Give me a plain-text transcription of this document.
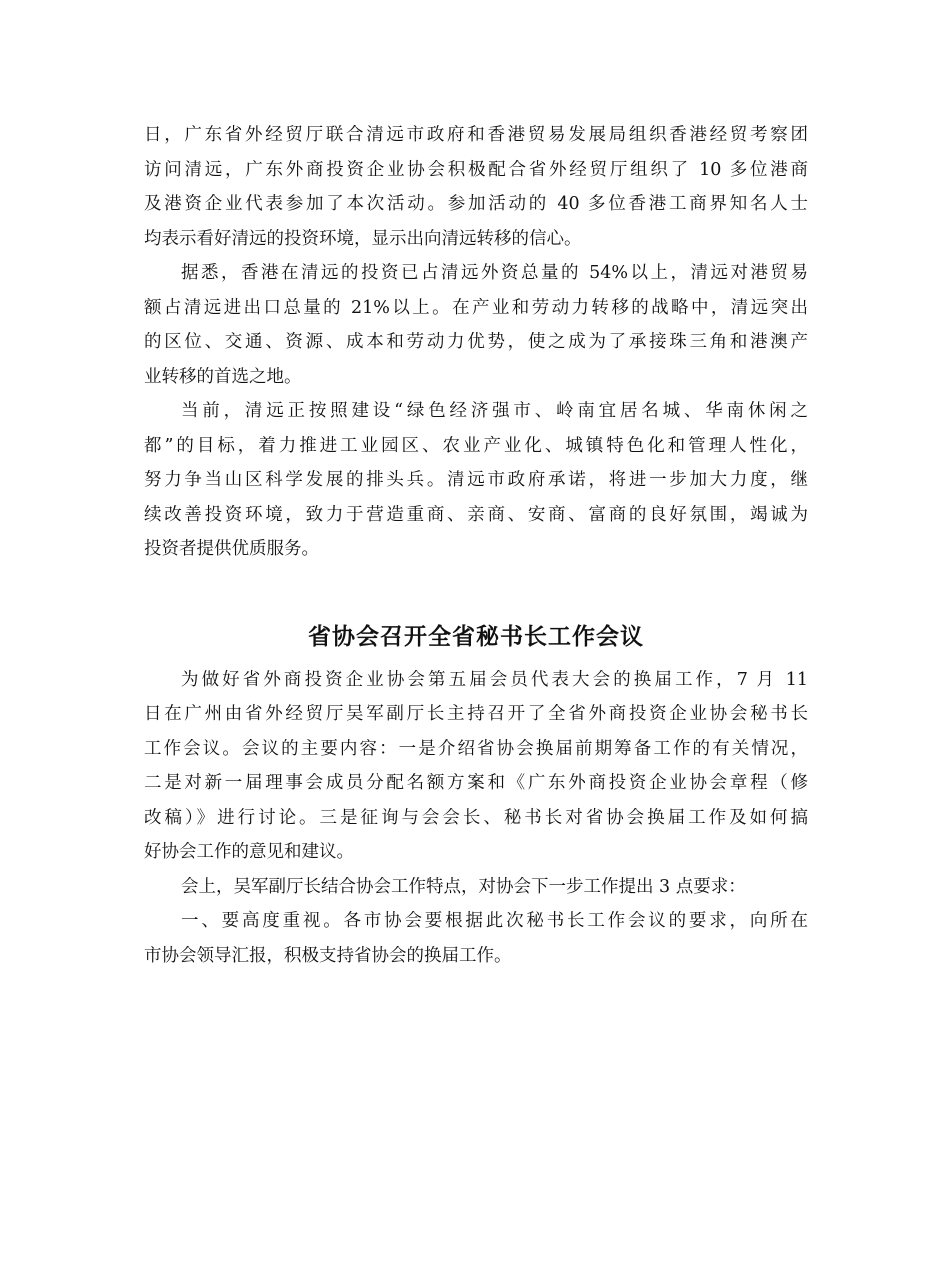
日，广东省外经贸厅联合清远市政府和香港贸易发展局组织香港经贸考察团
访问清远，广东外商投资企业协会积极配合省外经贸厅组织了 10 多位港商
及港资企业代表参加了本次活动。参加活动的 40 多位香港工商界知名人士
均表示看好清远的投资环境，显示出向清远转移的信心。
据悉，香港在清远的投资已占清远外资总量的 54%以上，清远对港贸易
额占清远进出口总量的 21%以上。在产业和劳动力转移的战略中，清远突出
的区位、交通、资源、成本和劳动力优势，使之成为了承接珠三角和港澳产
业转移的首选之地。
当前，清远正按照建设“绿色经济强市、岭南宜居名城、华南休闲之
都”的目标，着力推进工业园区、农业产业化、城镇特色化和管理人性化，
努力争当山区科学发展的排头兵。清远市政府承诺，将进一步加大力度，继
续改善投资环境，致力于营造重商、亲商、安商、富商的良好氛围，竭诚为
投资者提供优质服务。
省协会召开全省秘书长工作会议
为做好省外商投资企业协会第五届会员代表大会的换届工作，7 月 11
日在广州由省外经贸厅吴军副厅长主持召开了全省外商投资企业协会秘书长
工作会议。会议的主要内容：一是介绍省协会换届前期筹备工作的有关情况，
二是对新一届理事会成员分配名额方案和《广东外商投资企业协会章程（修
改稿）》进行讨论。三是征询与会会长、秘书长对省协会换届工作及如何搞
好协会工作的意见和建议。
会上，吴军副厅长结合协会工作特点，对协会下一步工作提出 3 点要求：
一、要高度重视。各市协会要根据此次秘书长工作会议的要求，向所在
市协会领导汇报，积极支持省协会的换届工作。
